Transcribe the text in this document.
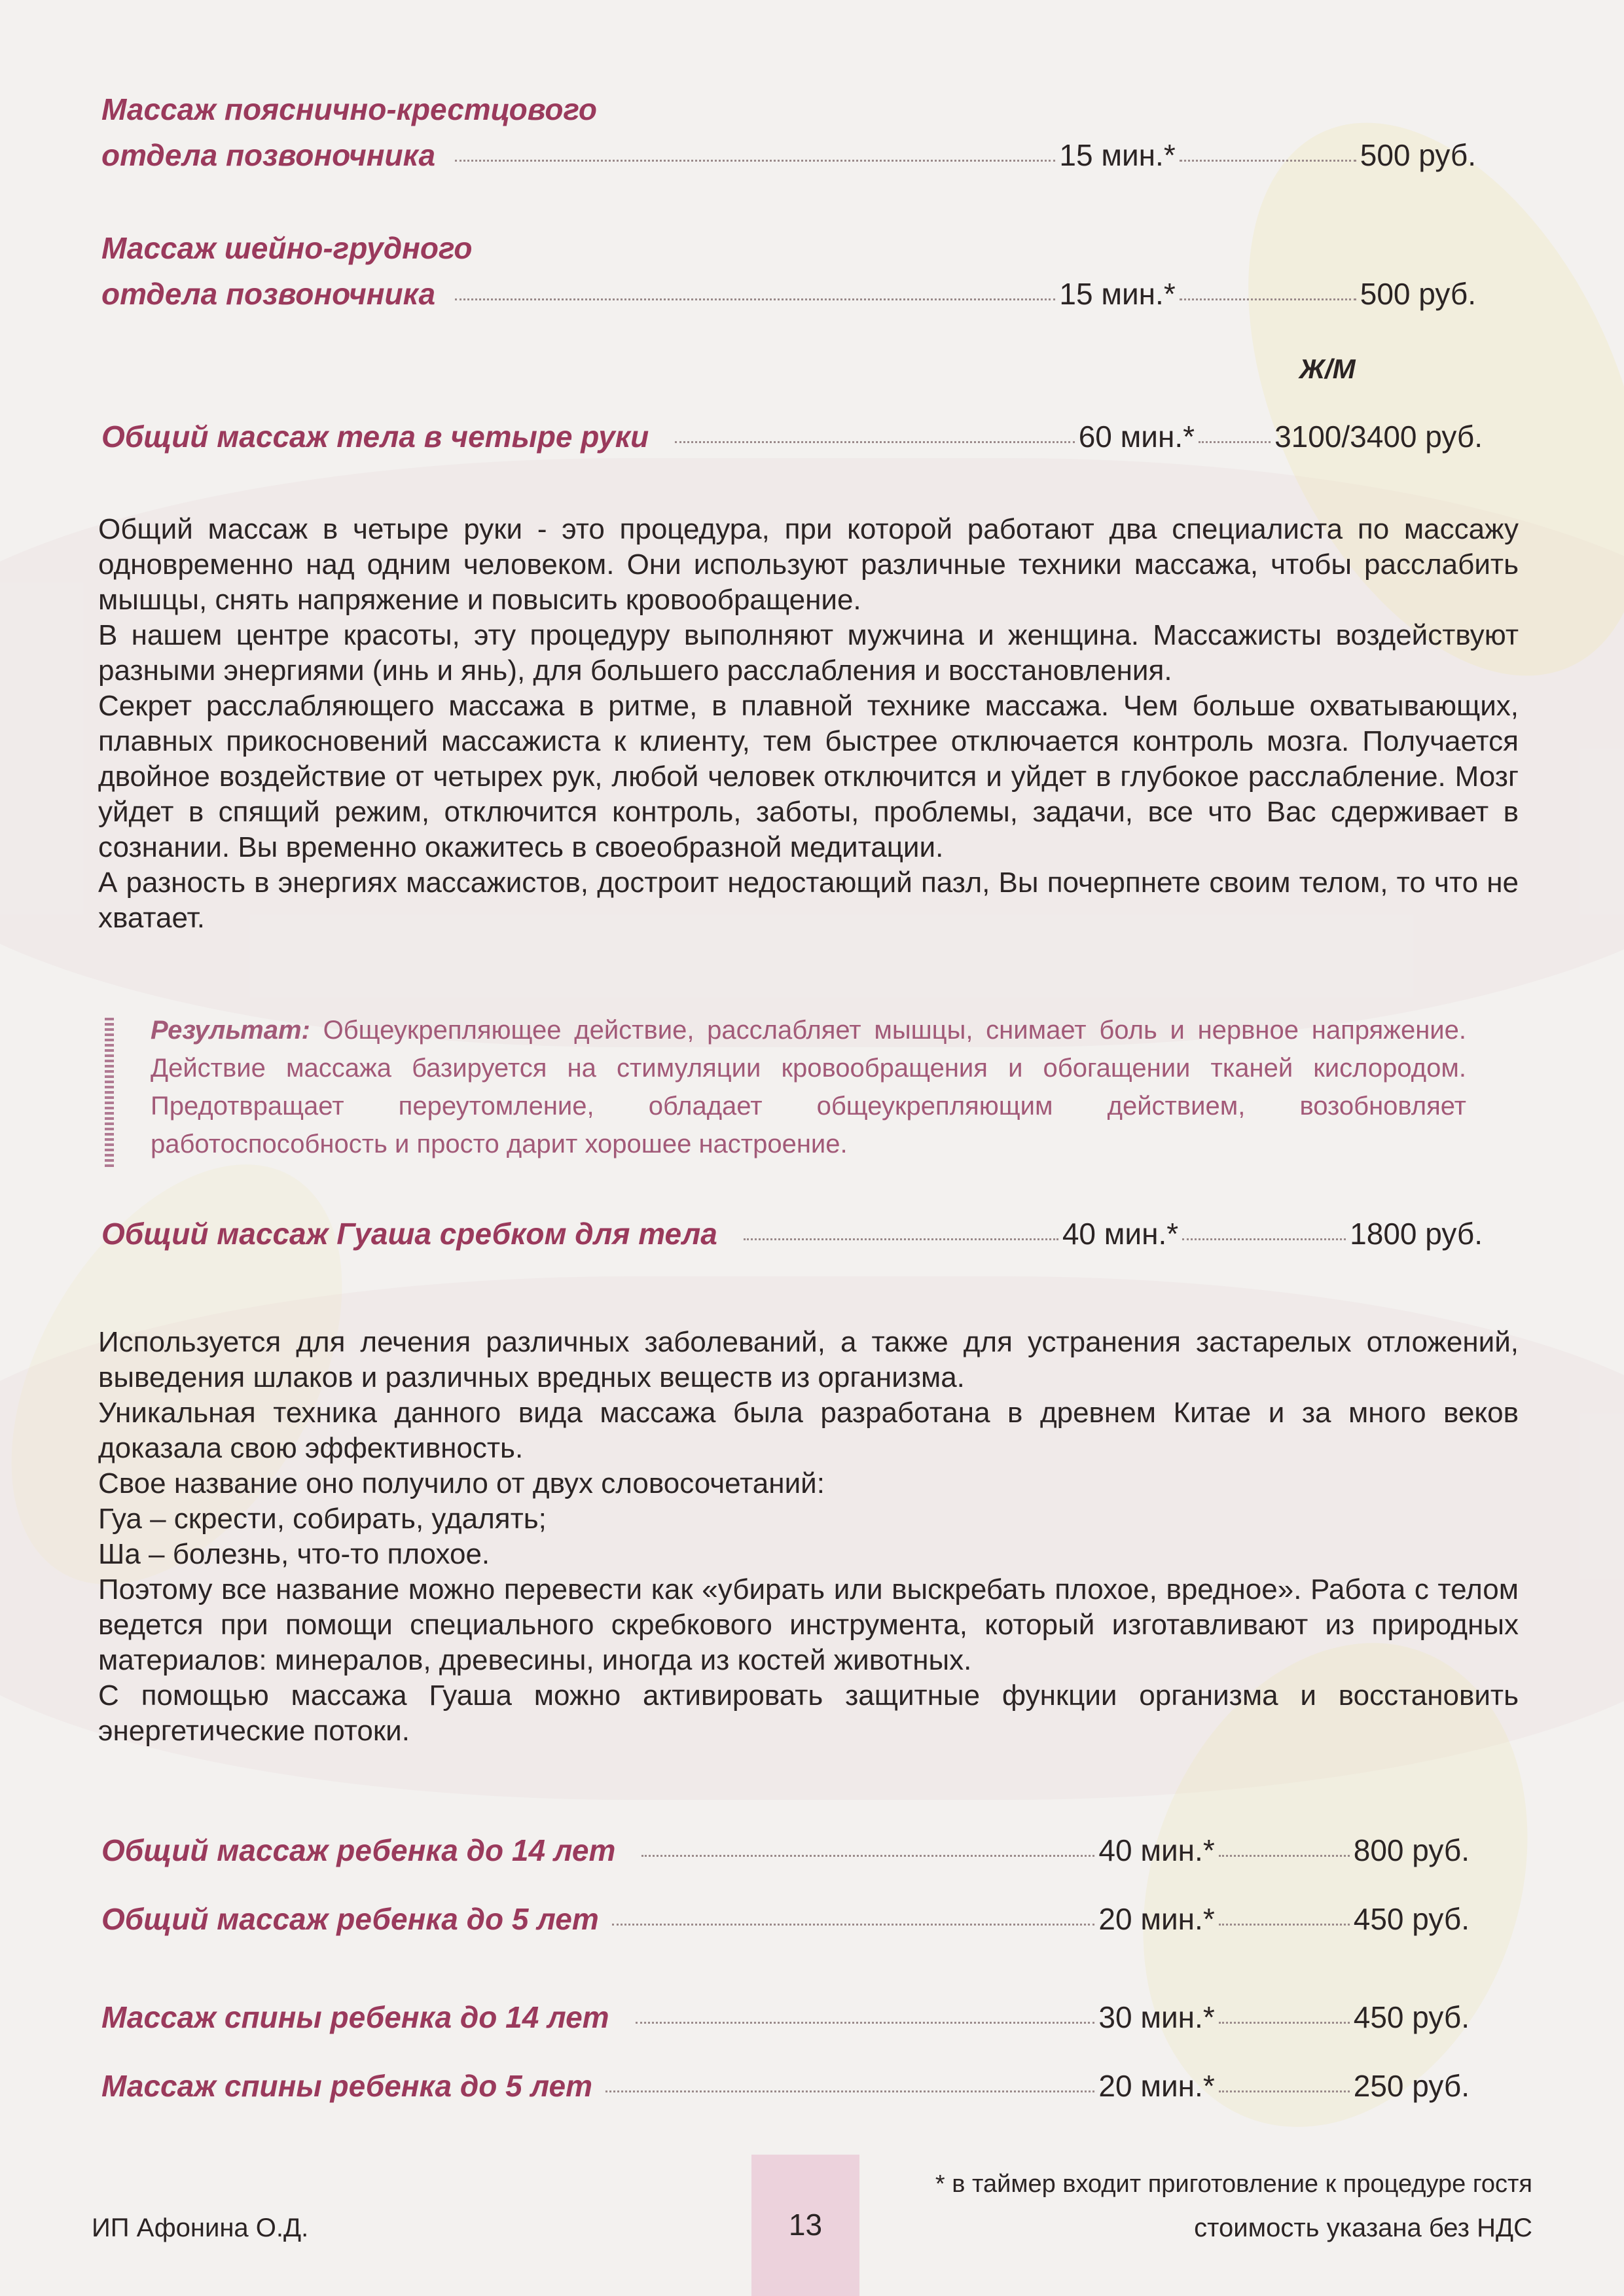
Массаж пояснично-крестцового
отдела позвоночника	15 мин.*	500 руб.
Массаж шейно-грудного
отдела позвоночника	15 мин.*	500 руб.
Ж/М
Общий массаж тела в четыре руки	60 мин.*	3100/3400 руб.

Общий массаж в четыре руки - это процедура, при которой работают два специалиста по массажу одновременно над одним человеком. Они используют различные техники массажа, чтобы расслабить мышцы, снять напряжение и повысить кровообращение.

В нашем центре красоты, эту процедуру выполняют мужчина и женщина. Массажисты воздействуют разными энергиями (инь и янь), для большего расслабления и восстановления.

Секрет расслабляющего массажа в ритме, в плавной технике массажа. Чем больше охватывающих, плавных прикосновений массажиста к клиенту, тем быстрее отключается контроль мозга. Получается двойное воздействие от четырех рук, любой человек отключится и уйдет в глубокое расслабление. Мозг уйдет в спящий режим, отключится контроль, заботы, проблемы, задачи, все что Вас сдерживает в сознании. Вы временно окажитесь в своеобразной медитации.

А разность в энергиях массажистов, достроит недостающий пазл, Вы почерпнете своим телом, то что не хватает.

Результат: Общеукрепляющее действие, расслабляет мышцы, снимает боль и нервное напряжение. Действие массажа базируется на стимуляции кровообращения и обогащении тканей кислородом. Предотвращает переутомление, обладает общеукрепляющим действием, возобновляет работоспособность и просто дарит хорошее настроение.
Общий массаж Гуаша сребком для тела	40 мин.*	1800 руб.

Используется для лечения различных заболеваний, а также для устранения застарелых отложений, выведения шлаков и различных вредных веществ из организма.

Уникальная техника данного вида массажа была разработана в древнем Китае и за много веков доказала свою эффективность.

Свое название оно получило от двух словосочетаний:

Гуа – скрести, собирать, удалять;

Ша – болезнь, что-то плохое.

Поэтому все название можно перевести как «убирать или выскребать плохое, вредное». Работа с телом ведется при помощи специального скребкового инструмента, который изготавливают из природных материалов: минералов, древесины, иногда из костей животных.

С помощью массажа Гуаша можно активировать защитные функции организма и восстановить энергетические потоки.

Общий массаж ребенка до 14 лет	40 мин.*	800 руб.
Общий массаж ребенка до 5 лет	20 мин.*	450 руб.
Массаж спины ребенка до 14 лет	30 мин.*	450 руб.
Массаж спины ребенка до 5 лет	20 мин.*	250 руб.
13
ИП Афонина О.Д.
* в таймер входит приготовление к процедуре гостя
стоимость указана без НДС
